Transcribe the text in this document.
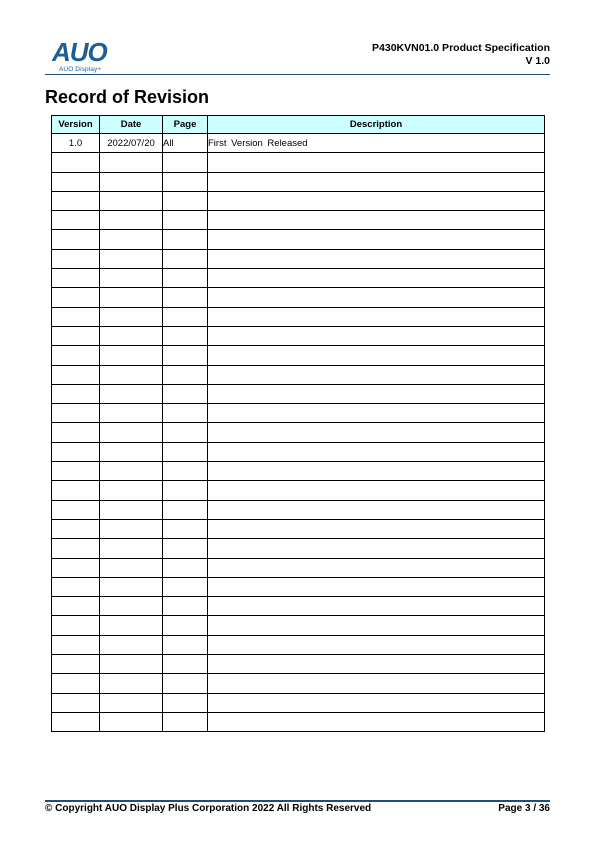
AUO
AUO Display+
P430KVN01.0 Product Specification
V 1.0
Record of Revision
Version	Date	Page	Description
1.0	2022/07/20	All	First Version Released

© Copyright AUO Display Plus Corporation 2022 All Rights Reserved	Page 3 / 36
